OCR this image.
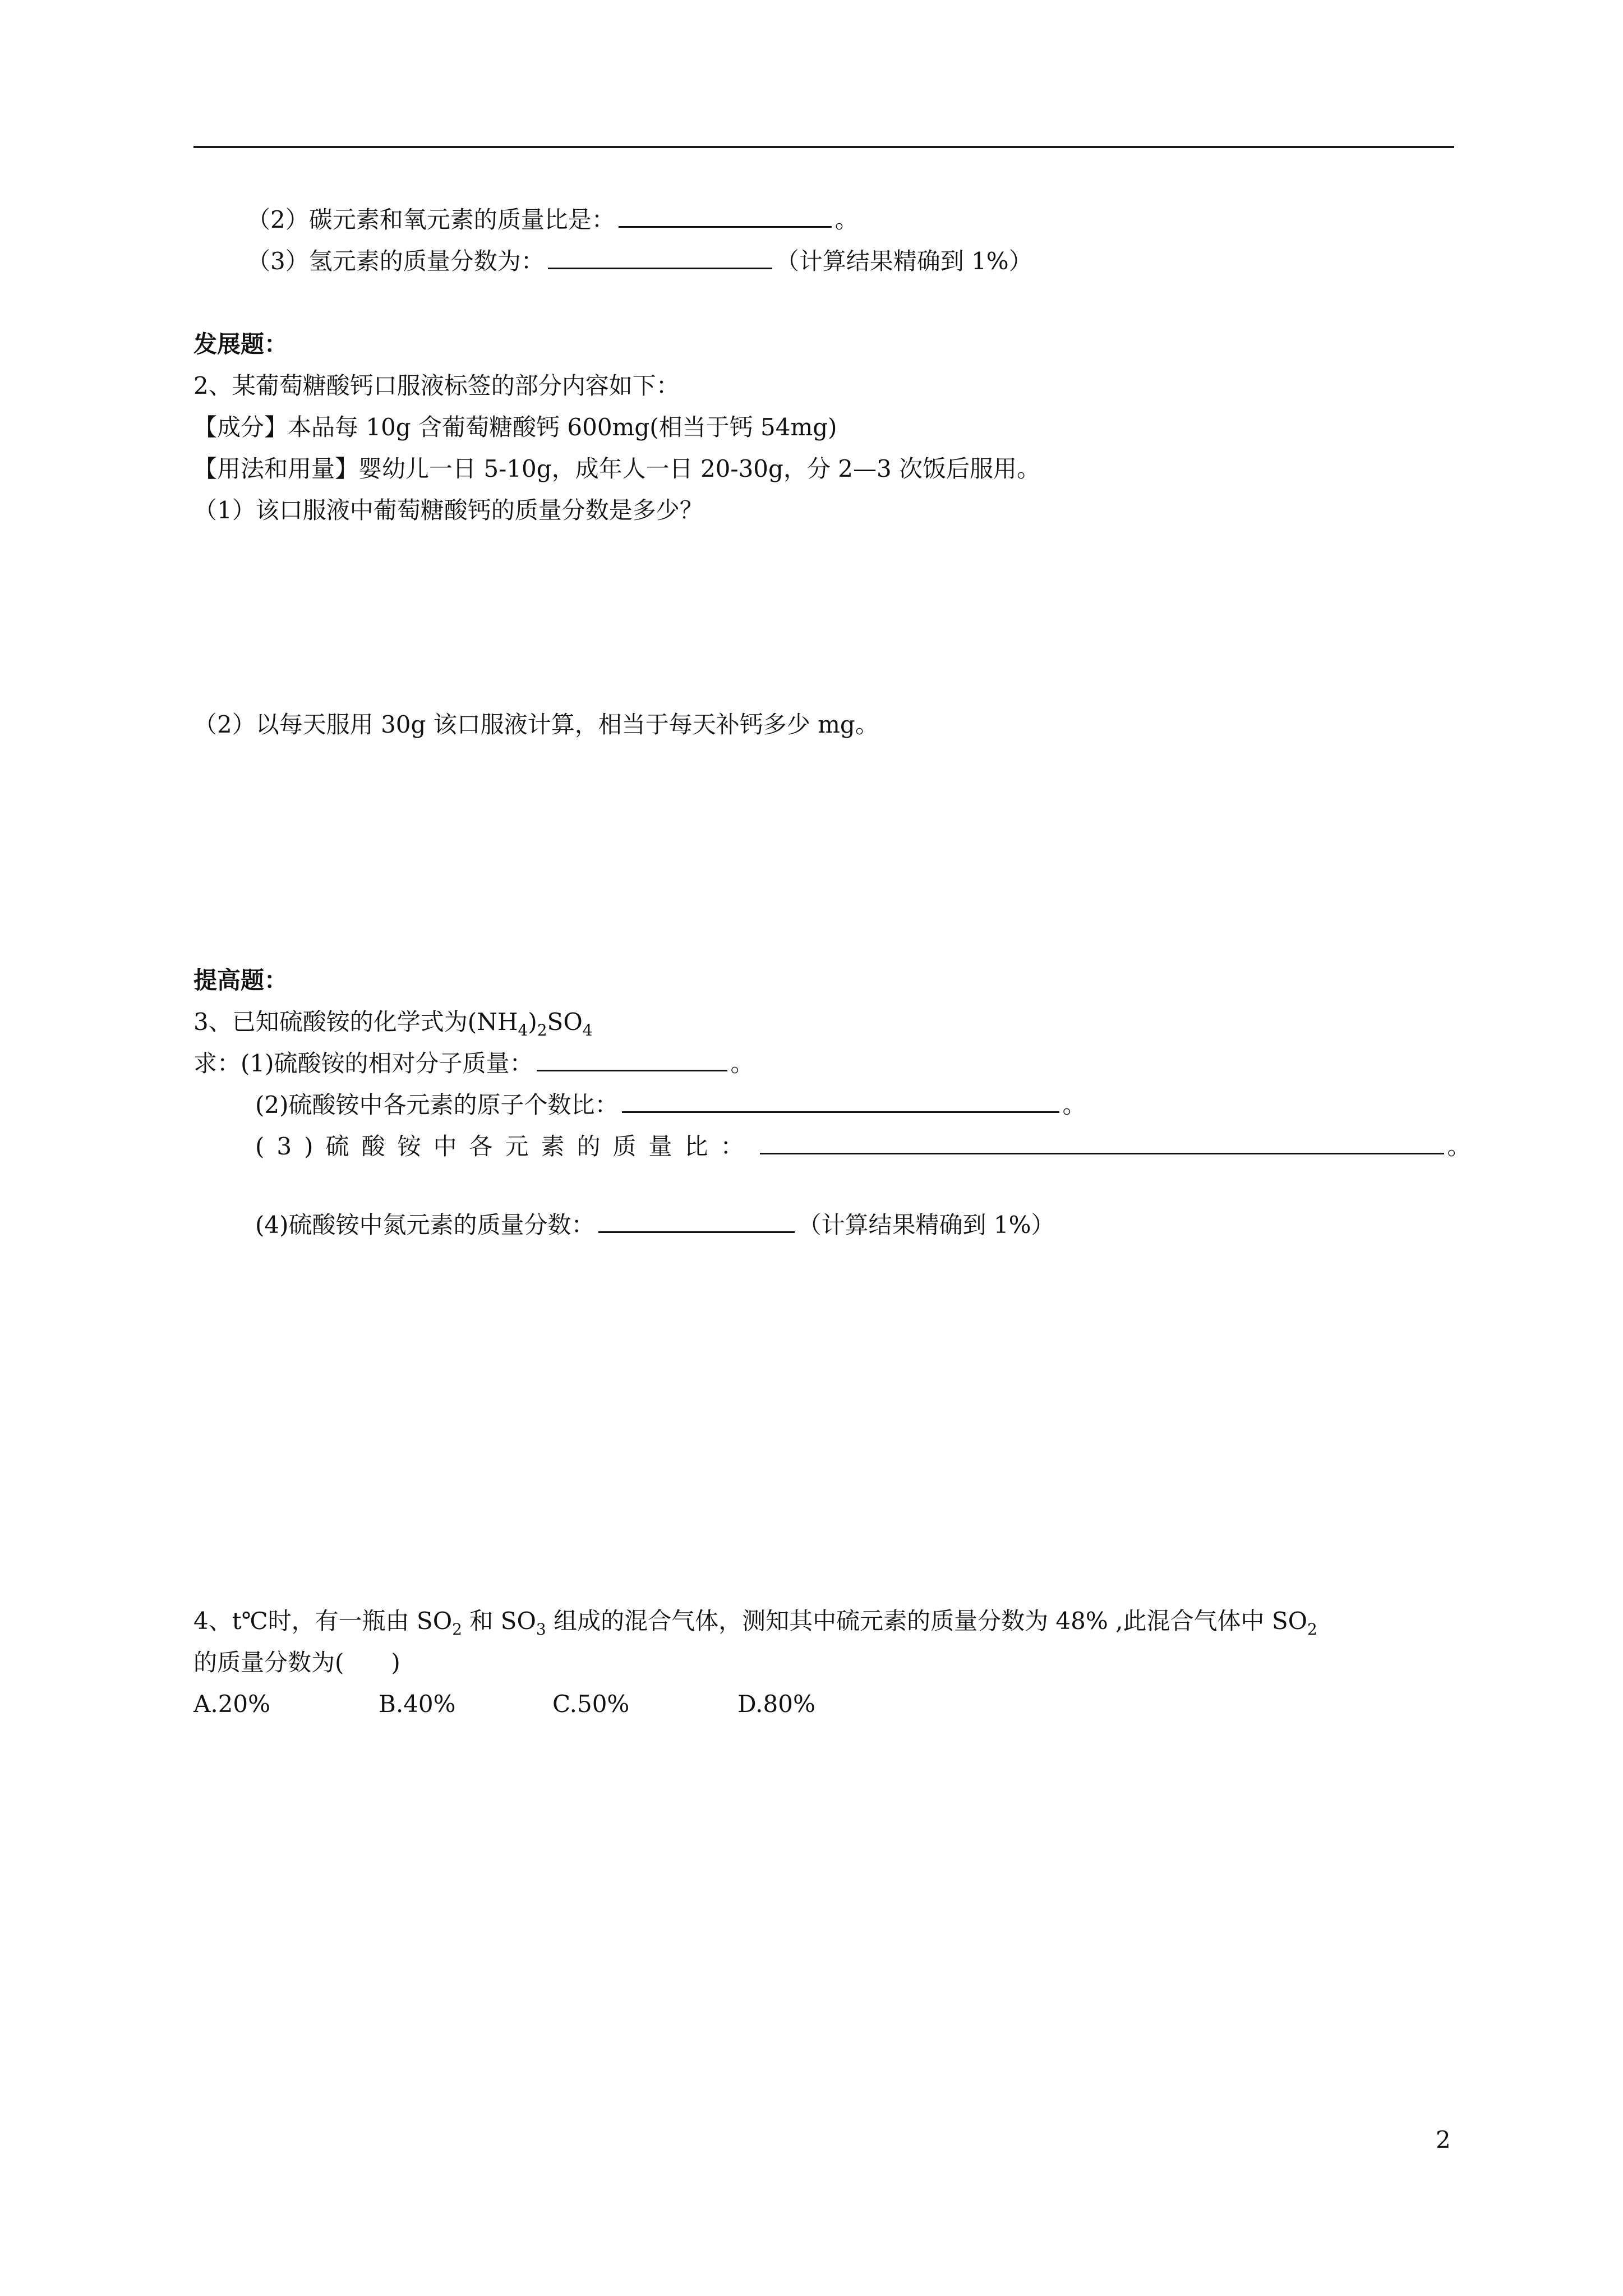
（2）碳元素和氧元素的质量比是：	。
（3）氢元素的质量分数为：	（计算结果精确到 1%）
发展题：
2、某葡萄糖酸钙口服液标签的部分内容如下：
【成分】本品每 10g 含葡萄糖酸钙 600mg(相当于钙 54mg)
【用法和用量】婴幼儿一日 5-10g，成年人一日 20-30g，分 2—3 次饭后服用。
（1）该口服液中葡萄糖酸钙的质量分数是多少？
（2）以每天服用 30g 该口服液计算，相当于每天补钙多少 mg。
提高题：
3、已知硫酸铵的化学式为$(NH_4)_2SO_4$
求：(1)硫酸铵的相对分子质量：	。
(2)硫酸铵中各元素的原子个数比：	。
(3)硫酸铵中各元素的质量比：	。
(4)硫酸铵中氮元素的质量分数：	（计算结果精确到 1%）
4、t℃时，有一瓶由 $SO_2$ 和 $SO_3$ 组成的混合气体，测知其中硫元素的质量分数为 48% ,此混合气体中 $SO_2$
的质量分数为(　　)
A.20%	B.40%	C.50%	D.80%
2
